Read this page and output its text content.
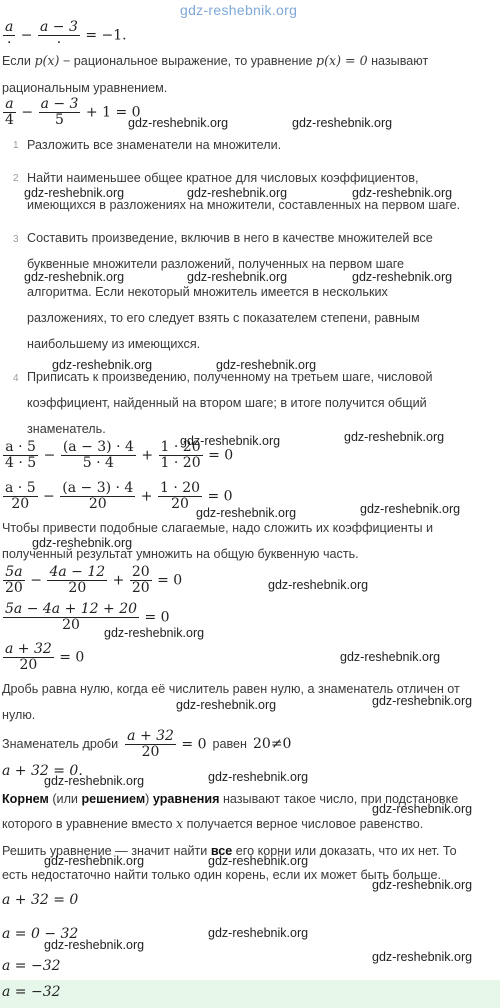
gdz-reshebnik.org
$\frac{a}{\cdot} - \frac{a - 3}{\cdot} = -1$.
Если p(x) − рациональное выражение, то уравнение p(x) = 0 называют
рациональным уравнением.
$\frac{a}{4} - \frac{a - 3}{5} + 1 = 0$
gdz-reshebnik.org	gdz-reshebnik.org
1 Разложить все знаменатели на множители.
2 Найти наименьшее общее кратное для числовых коэффициентов,
имеющихся в разложениях на множители, составленных на первом шаге.
gdz-reshebnik.org	gdz-reshebnik.org	gdz-reshebnik.org
3 Составить произведение, включив в него в качестве множителей все
буквенные множители разложений, полученных на первом шаге
gdz-reshebnik.org	gdz-reshebnik.org	gdz-reshebnik.org
алгоритма. Если некоторый множитель имеется в нескольких
разложениях, то его следует взять с показателем степени, равным
наибольшему из имеющихся.
gdz-reshebnik.org	gdz-reshebnik.org
4 Приписать к произведению, полученному на третьем шаге, числовой
коэффициент, найденный на втором шаге; в итоге получится общий
знаменатель.
gdz-reshebnik.org	gdz-reshebnik.org
$\frac{a \cdot 5}{4 \cdot 5} - \frac{(a - 3) \cdot 4}{5 \cdot 4} + \frac{1 \cdot 20}{1 \cdot 20} = 0$
$\frac{a \cdot 5}{20} - \frac{(a - 3) \cdot 4}{20} + \frac{1 \cdot 20}{20} = 0$
gdz-reshebnik.org	gdz-reshebnik.org
Чтобы привести подобные слагаемые, надо сложить их коэффициенты и
gdz-reshebnik.org
полученный результат умножить на общую буквенную часть.
$\frac{5a}{20} - \frac{4a - 12}{20} + \frac{20}{20} = 0$	gdz-reshebnik.org
$\frac{5a - 4a + 12 + 20}{20} = 0$
gdz-reshebnik.org
$\frac{a + 32}{20} = 0$	gdz-reshebnik.org
Дробь равна нулю, когда её числитель равен нулю, а знаменатель отличен от
gdz-reshebnik.org	gdz-reshebnik.org
нулю.
Знаменатель дроби $\frac{a + 32}{20} = 0$ равен 20≠0
a + 32 = 0.	gdz-reshebnik.org
gdz-reshebnik.org
Корнем (или решением) уравнения называют такое число, при подстановке
gdz-reshebnik.org
которого в уравнение вместо x получается верное числовое равенство.
Решить уравнение — значит найти все его корни или доказать, что их нет. То
gdz-reshebnik.org	gdz-reshebnik.org
есть недостаточно найти только один корень, если их может быть больше.
gdz-reshebnik.org
a + 32 = 0
a = 0 − 32	gdz-reshebnik.org
gdz-reshebnik.org
gdz-reshebnik.org
a = −32
a = −32
